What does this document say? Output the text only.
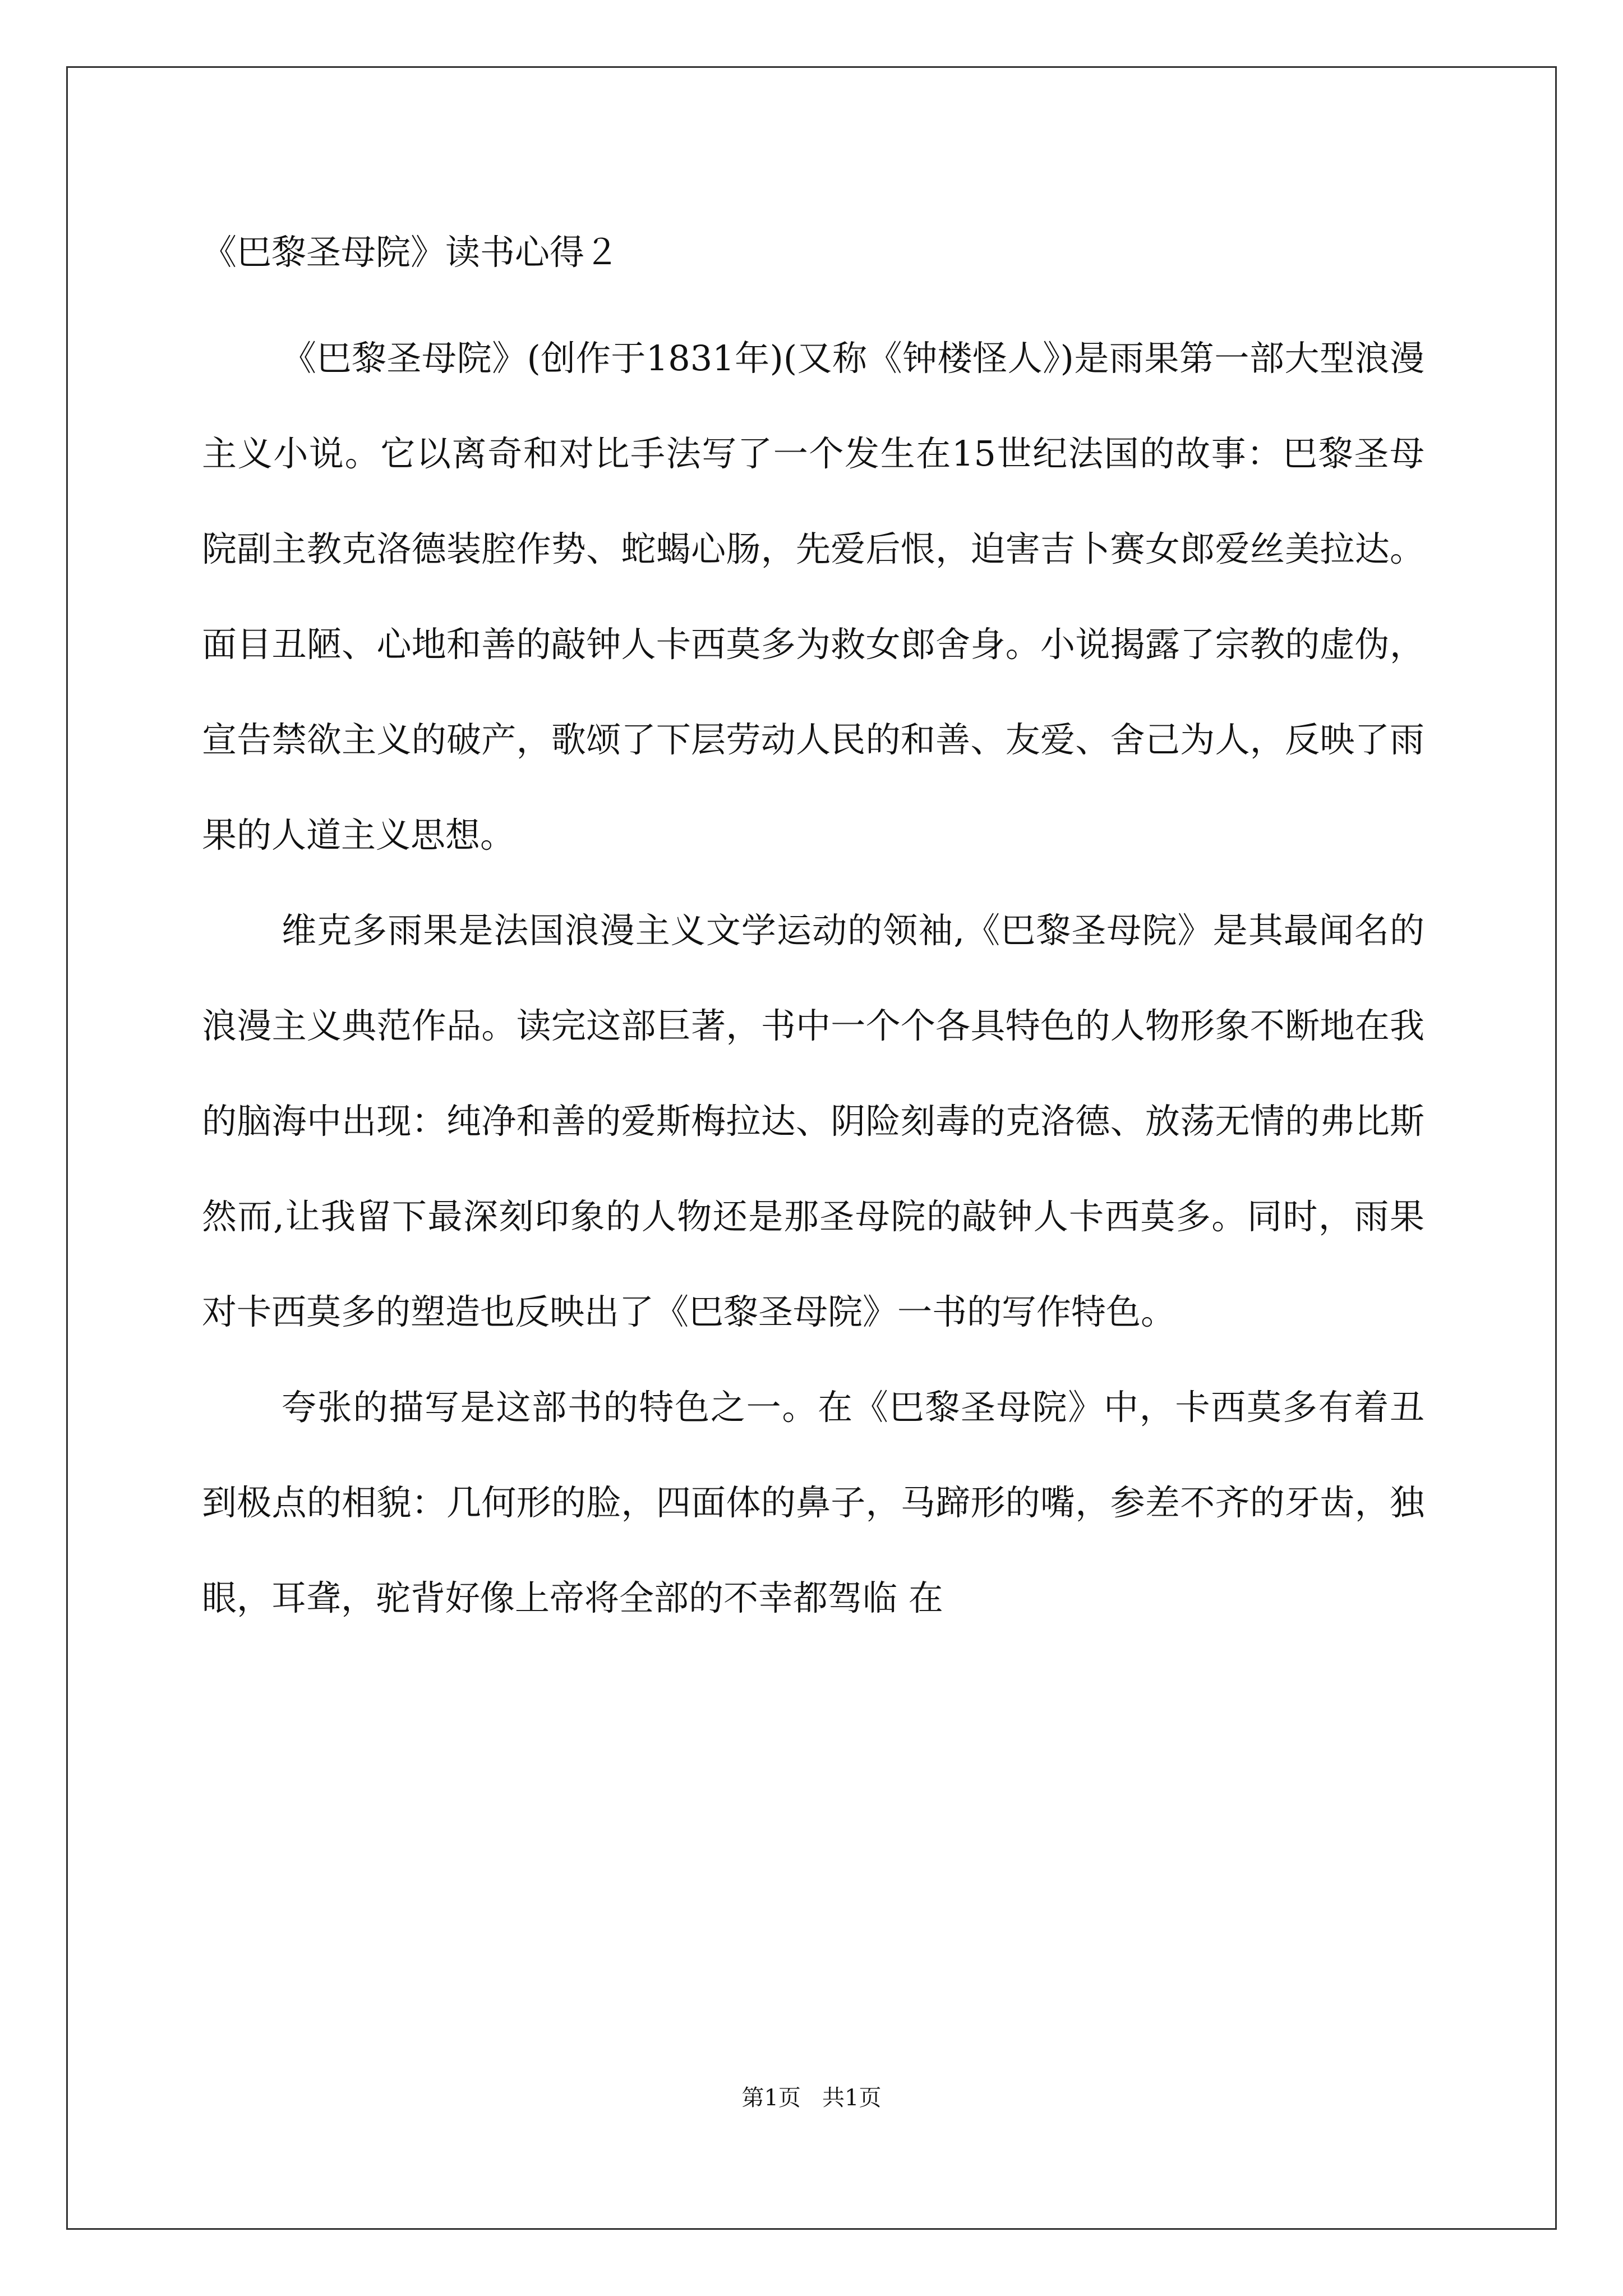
《巴黎圣母院》读书心得２

《巴黎圣母院》(创作于1831年)(又称《钟楼怪人》)是雨果第一部大型浪漫主义小说。它以离奇和对比手法写了一个发生在15世纪法国的故事：巴黎圣母院副主教克洛德装腔作势、蛇蝎心肠，先爱后恨，迫害吉卜赛女郎爱丝美拉达。面目丑陋、心地和善的敲钟人卡西莫多为救女郎舍身。小说揭露了宗教的虚伪，宣告禁欲主义的破产，歌颂了下层劳动人民的和善、友爱、舍己为人，反映了雨果的人道主义思想。

维克多雨果是法国浪漫主义文学运动的领袖,《巴黎圣母院》是其最闻名的浪漫主义典范作品。读完这部巨著，书中一个个各具特色的人物形象不断地在我的脑海中出现：纯净和善的爱斯梅拉达、阴险刻毒的克洛德、放荡无情的弗比斯然而,让我留下最深刻印象的人物还是那圣母院的敲钟人卡西莫多。同时，雨果对卡西莫多的塑造也反映出了《巴黎圣母院》一书的写作特色。

夸张的描写是这部书的特色之一。在《巴黎圣母院》中，卡西莫多有着丑到极点的相貌：几何形的脸，四面体的鼻子，马蹄形的嘴，参差不齐的牙齿，独眼，耳聋，驼背好像上帝将全部的不幸都驾临 在

第1页   共1页
